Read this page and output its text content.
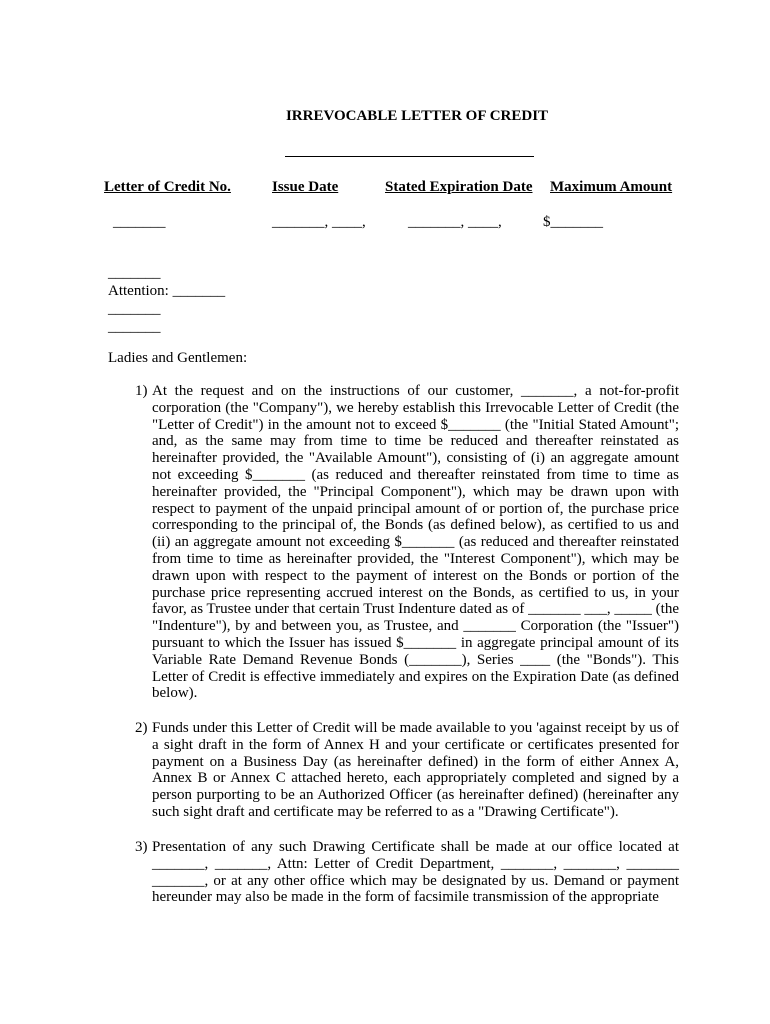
IRREVOCABLE LETTER OF CREDIT
Letter of Credit No.	Issue Date	Stated Expiration Date Maximum Amount
_______	_______, ____,	_______, ____,	$_______
_______
Attention: _______
_______
_______
Ladies and Gentlemen:
1) At the request and on the instructions of our customer, _______, a not-for-profit corporation (the "Company"), we hereby establish this Irrevocable Letter of Credit (the "Letter of Credit") in the amount not to exceed $_______ (the "Initial Stated Amount"; and, as the same may from time to time be reduced and thereafter reinstated as hereinafter provided, the "Available Amount"), consisting of (i) an aggregate amount not exceeding $_______ (as reduced and thereafter reinstated from time to time as hereinafter provided, the "Principal Component"), which may be drawn upon with respect to payment of the unpaid principal amount of or portion of, the purchase price corresponding to the principal of, the Bonds (as defined below), as certified to us and (ii) an aggregate amount not exceeding $_______ (as reduced and thereafter reinstated from time to time as hereinafter provided, the "Interest Component"), which may be drawn upon with respect to the payment of interest on the Bonds or portion of the purchase price representing accrued interest on the Bonds, as certified to us, in your favor, as Trustee under that certain Trust Indenture dated as of _______ ___, _____ (the "Indenture"), by and between you, as Trustee, and _______ Corporation (the "Issuer") pursuant to which the Issuer has issued $_______ in aggregate principal amount of its Variable Rate Demand Revenue Bonds (_______), Series ____ (the "Bonds"). This Letter of Credit is effective immediately and expires on the Expiration Date (as defined below).
2) Funds under this Letter of Credit will be made available to you 'against receipt by us of a sight draft in the form of Annex H and your certificate or certificates presented for payment on a Business Day (as hereinafter defined) in the form of either Annex A, Annex B or Annex C attached hereto, each appropriately completed and signed by a person purporting to be an Authorized Officer (as hereinafter defined) (hereinafter any such sight draft and certificate may be referred to as a "Drawing Certificate").
3) Presentation of any such Drawing Certificate shall be made at our office located at _______, _______, Attn: Letter of Credit Department, _______, _______, _______ _______, or at any other office which may be designated by us. Demand or payment hereunder may also be made in the form of facsimile transmission of the appropriate
